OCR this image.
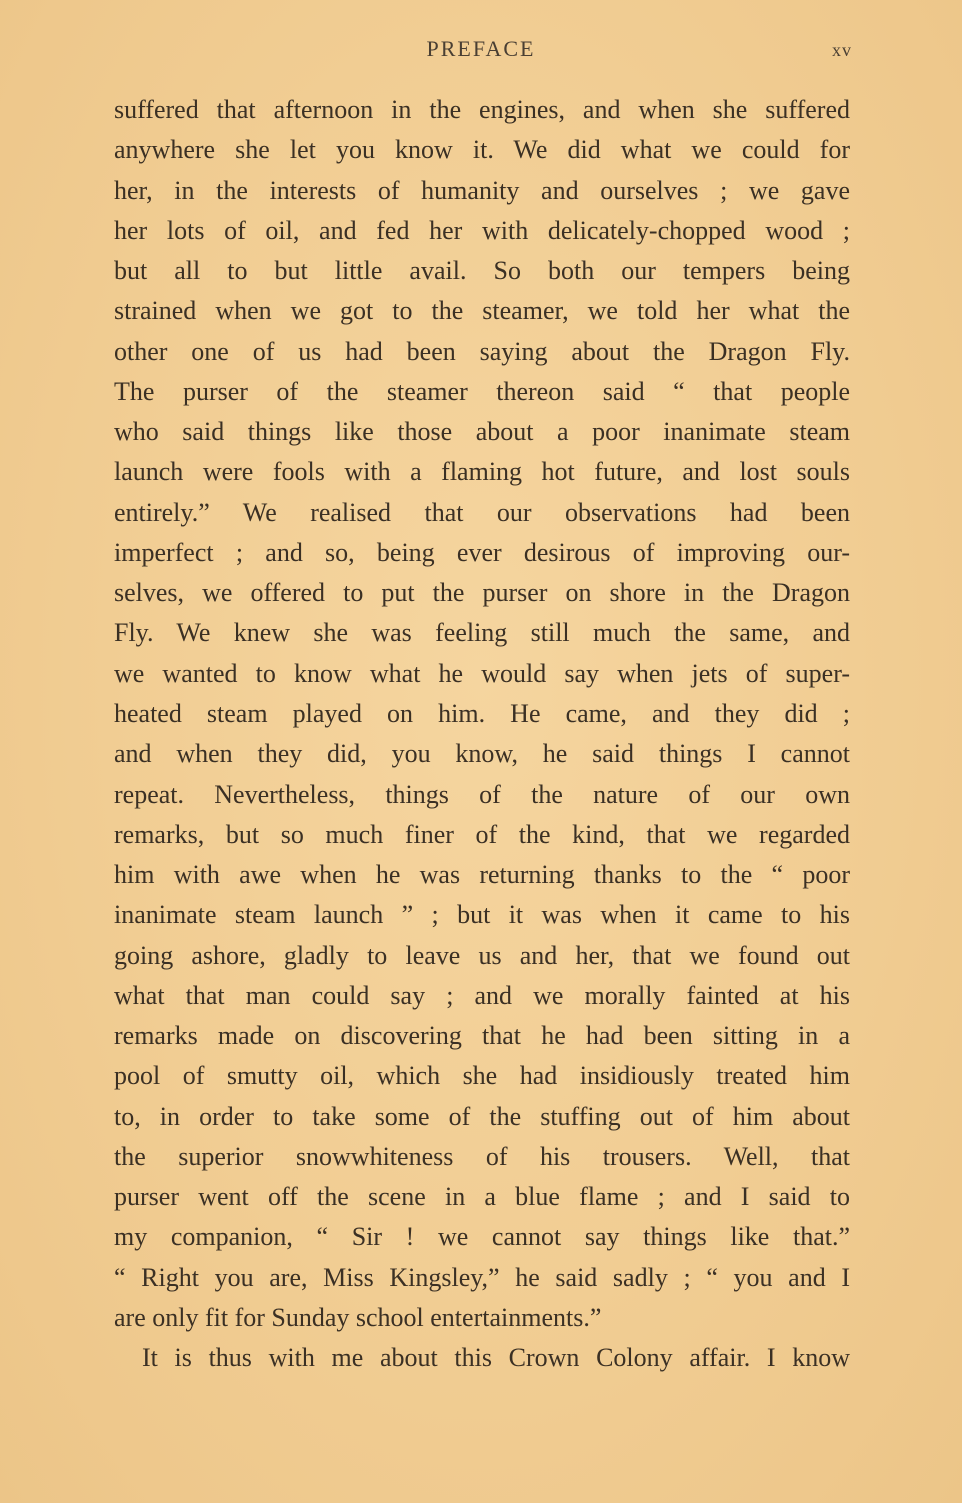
PREFACE	xv
suffered that afternoon in the engines, and when she suffered
anywhere she let you know it. We did what we could for
her, in the interests of humanity and ourselves ; we gave
her lots of oil, and fed her with delicately-chopped wood ;
but all to but little avail. So both our tempers being
strained when we got to the steamer, we told her what the
other one of us had been saying about the Dragon Fly.
The purser of the steamer thereon said “ that people
who said things like those about a poor inanimate steam
launch were fools with a flaming hot future, and lost souls
entirely.” We realised that our observations had been
imperfect ; and so, being ever desirous of improving our-
selves, we offered to put the purser on shore in the Dragon
Fly. We knew she was feeling still much the same, and
we wanted to know what he would say when jets of super-
heated steam played on him. He came, and they did ;
and when they did, you know, he said things I cannot
repeat. Nevertheless, things of the nature of our own
remarks, but so much finer of the kind, that we regarded
him with awe when he was returning thanks to the “ poor
inanimate steam launch ” ; but it was when it came to his
going ashore, gladly to leave us and her, that we found out
what that man could say ; and we morally fainted at his
remarks made on discovering that he had been sitting in a
pool of smutty oil, which she had insidiously treated him
to, in order to take some of the stuffing out of him about
the superior snowwhiteness of his trousers. Well, that
purser went off the scene in a blue flame ; and I said to
my companion, “ Sir ! we cannot say things like that.”
“ Right you are, Miss Kingsley,” he said sadly ; “ you and I
are only fit for Sunday school entertainments.”
It is thus with me about this Crown Colony affair. I know
